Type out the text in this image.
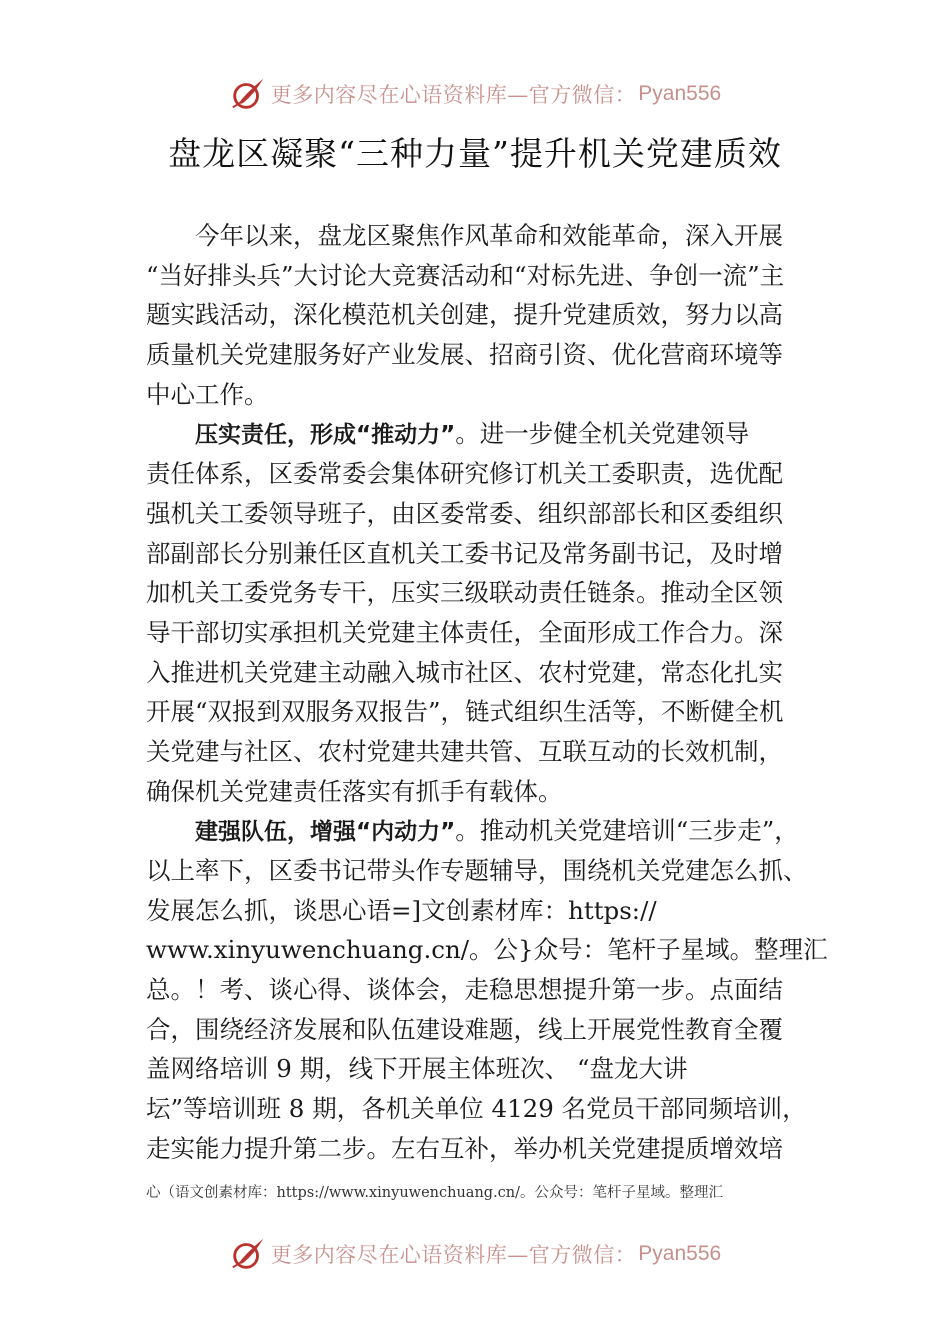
更多内容尽在心语资料库—官方微信： Pyan556
盘龙区凝聚“三种力量”提升机关党建质效
今年以来，盘龙区聚焦作风革命和效能革命，深入开展
“当好排头兵”大讨论大竞赛活动和“对标先进、争创一流”主
题实践活动，深化模范机关创建，提升党建质效，努力以高
质量机关党建服务好产业发展、招商引资、优化营商环境等
中心工作。
压实责任，形成“推动力”。进一步健全机关党建领导
责任体系，区委常委会集体研究修订机关工委职责，选优配
强机关工委领导班子，由区委常委、组织部部长和区委组织
部副部长分别兼任区直机关工委书记及常务副书记，及时增
加机关工委党务专干，压实三级联动责任链条。推动全区领
导干部切实承担机关党建主体责任，全面形成工作合力。深
入推进机关党建主动融入城市社区、农村党建，常态化扎实
开展“双报到双服务双报告”，链式组织生活等，不断健全机
关党建与社区、农村党建共建共管、互联互动的长效机制，
确保机关党建责任落实有抓手有载体。
建强队伍，增强“内动力”。推动机关党建培训“三步走”，
以上率下，区委书记带头作专题辅导，围绕机关党建怎么抓、
发展怎么抓，谈思心语=]文创素材库：https://
www.xinyuwenchuang.cn/。公}众号：笔杆子星域。整理汇
总。！考、谈心得、谈体会，走稳思想提升第一步。点面结
合，围绕经济发展和队伍建设难题，线上开展党性教育全覆
盖网络培训 9 期，线下开展主体班次、 “盘龙大讲
坛”等培训班 8 期，各机关单位 4129 名党员干部同频培训，
走实能力提升第二步。左右互补，举办机关党建提质增效培
心（语文创素材库：https://www.xinyuwenchuang.cn/。公众号：笔杆子星域。整理汇
更多内容尽在心语资料库—官方微信： Pyan556
